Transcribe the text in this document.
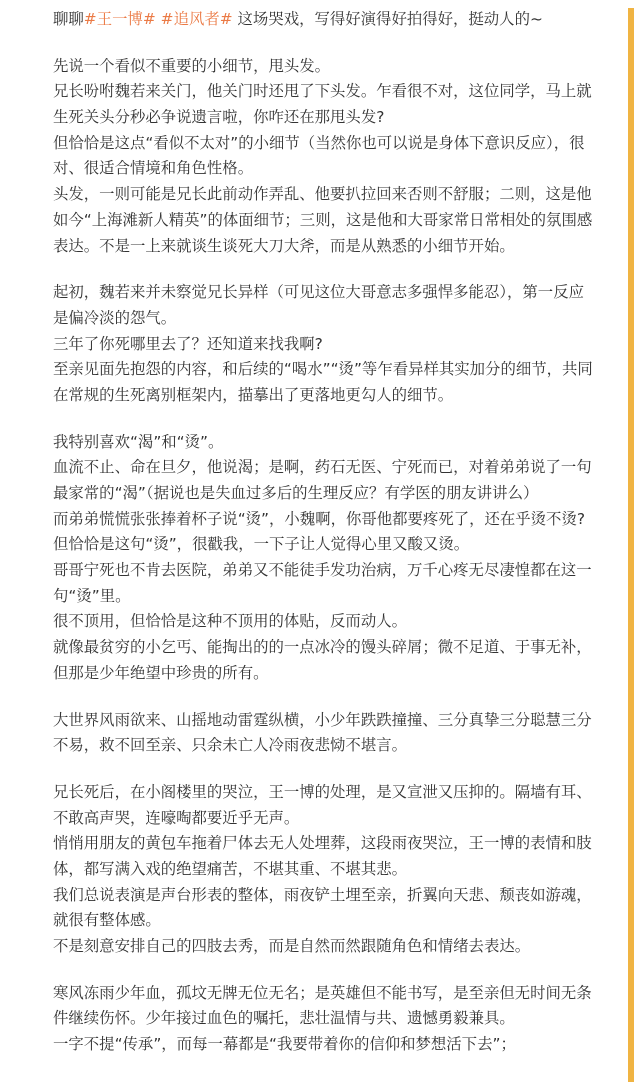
聊聊#王一博# #追风者# 这场哭戏，写得好演得好拍得好，挺动人的~
先说一个看似不重要的小细节，甩头发。
兄长吩咐魏若来关门，他关门时还甩了下头发。乍看很不对，这位同学，马上就
生死关头分秒必争说遗言啦，你咋还在那甩头发?
但恰恰是这点“看似不太对”的小细节（当然你也可以说是身体下意识反应），很
对、很适合情境和角色性格。
头发，一则可能是兄长此前动作弄乱、他要扒拉回来否则不舒服；二则，这是他
如今“上海滩新人精英”的体面细节；三则，这是他和大哥家常日常相处的氛围感
表达。不是一上来就谈生谈死大刀大斧，而是从熟悉的小细节开始。
起初，魏若来并未察觉兄长异样（可见这位大哥意志多强悍多能忍），第一反应
是偏冷淡的怨气。
三年了你死哪里去了？还知道来找我啊?
至亲见面先抱怨的内容，和后续的“喝水”“烫”等乍看异样其实加分的细节，共同
在常规的生死离别框架内，描摹出了更落地更勾人的细节。
我特别喜欢“渴”和“烫”。
血流不止、命在旦夕，他说渴；是啊，药石无医、宁死而已，对着弟弟说了一句
最家常的“渴”（据说也是失血过多后的生理反应？有学医的朋友讲讲么）
而弟弟慌慌张张捧着杯子说“烫”，小魏啊，你哥他都要疼死了，还在乎烫不烫?
但恰恰是这句“烫”，很戳我，一下子让人觉得心里又酸又烫。
哥哥宁死也不肯去医院，弟弟又不能徒手发功治病，万千心疼无尽凄惶都在这一
句“烫”里。
很不顶用，但恰恰是这种不顶用的体贴，反而动人。
就像最贫穷的小乞丐、能掏出的的一点冰冷的馒头碎屑；微不足道、于事无补，
但那是少年绝望中珍贵的所有。
大世界风雨欲来、山摇地动雷霆纵横，小少年跌跌撞撞、三分真挚三分聪慧三分
不易，救不回至亲、只余未亡人冷雨夜悲恸不堪言。
兄长死后，在小阁楼里的哭泣，王一博的处理，是又宣泄又压抑的。隔墙有耳、
不敢高声哭，连嚎啕都要近乎无声。
悄悄用朋友的黄包车拖着尸体去无人处埋葬，这段雨夜哭泣，王一博的表情和肢
体，都写满入戏的绝望痛苦，不堪其重、不堪其悲。
我们总说表演是声台形表的整体，雨夜铲土埋至亲，折翼向天悲、颓丧如游魂，
就很有整体感。
不是刻意安排自己的四肢去秀，而是自然而然跟随角色和情绪去表达。
寒风冻雨少年血，孤坟无牌无位无名；是英雄但不能书写，是至亲但无时间无条
件继续伤怀。少年接过血色的嘱托，悲壮温情与共、遗憾勇毅兼具。
一字不提“传承”，而每一幕都是“我要带着你的信仰和梦想活下去”；
